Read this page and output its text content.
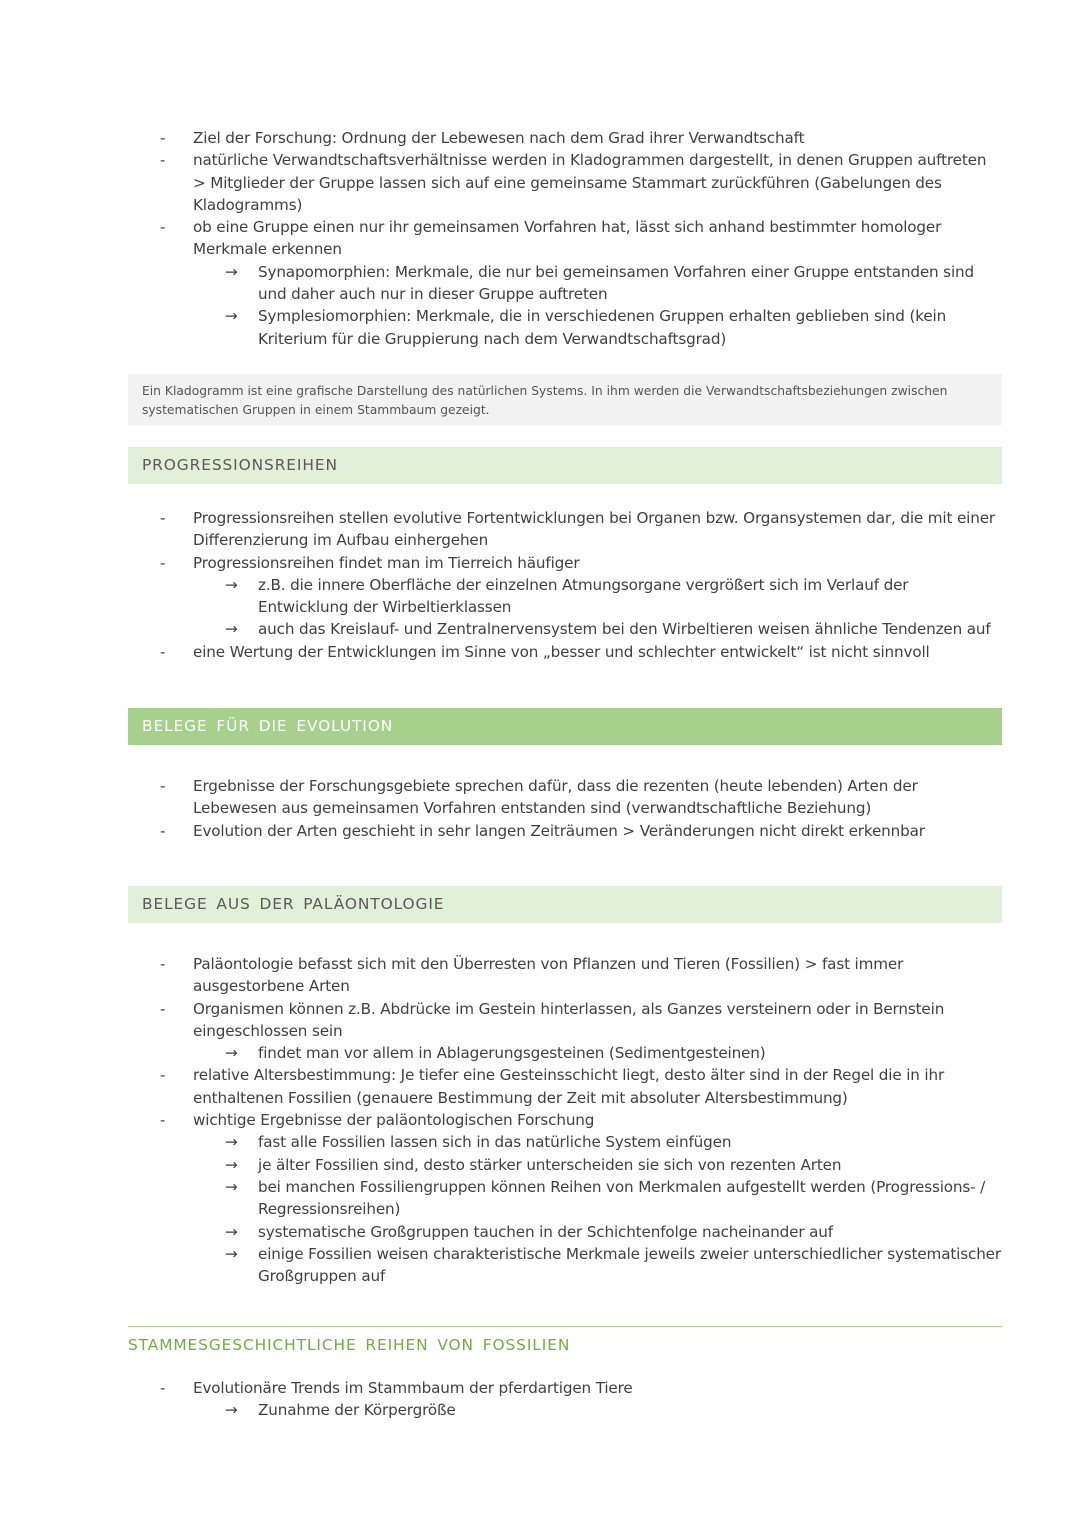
- Ziel der Forschung: Ordnung der Lebewesen nach dem Grad ihrer Verwandtschaft
- natürliche Verwandtschaftsverhältnisse werden in Kladogrammen dargestellt, in denen Gruppen auftreten > Mitglieder der Gruppe lassen sich auf eine gemeinsame Stammart zurückführen (Gabelungen des Kladogramms)
- ob eine Gruppe einen nur ihr gemeinsamen Vorfahren hat, lässt sich anhand bestimmter homologer Merkmale erkennen
→ Synapomorphien: Merkmale, die nur bei gemeinsamen Vorfahren einer Gruppe entstanden sind und daher auch nur in dieser Gruppe auftreten
→ Symplesiomorphien: Merkmale, die in verschiedenen Gruppen erhalten geblieben sind (kein Kriterium für die Gruppierung nach dem Verwandtschaftsgrad)
Ein Kladogramm ist eine grafische Darstellung des natürlichen Systems. In ihm werden die Verwandtschaftsbeziehungen zwischen systematischen Gruppen in einem Stammbaum gezeigt.
PROGRESSIONSREIHEN
- Progressionsreihen stellen evolutive Fortentwicklungen bei Organen bzw. Organsystemen dar, die mit einer Differenzierung im Aufbau einhergehen
- Progressionsreihen findet man im Tierreich häufiger
→ z.B. die innere Oberfläche der einzelnen Atmungsorgane vergrößert sich im Verlauf der Entwicklung der Wirbeltierklassen
→ auch das Kreislauf- und Zentralnervensystem bei den Wirbeltieren weisen ähnliche Tendenzen auf
- eine Wertung der Entwicklungen im Sinne von „besser und schlechter entwickelt“ ist nicht sinnvoll
BELEGE FÜR DIE EVOLUTION
- Ergebnisse der Forschungsgebiete sprechen dafür, dass die rezenten (heute lebenden) Arten der Lebewesen aus gemeinsamen Vorfahren entstanden sind (verwandtschaftliche Beziehung)
- Evolution der Arten geschieht in sehr langen Zeiträumen > Veränderungen nicht direkt erkennbar
BELEGE AUS DER PALÄONTOLOGIE
- Paläontologie befasst sich mit den Überresten von Pflanzen und Tieren (Fossilien) > fast immer ausgestorbene Arten
- Organismen können z.B. Abdrücke im Gestein hinterlassen, als Ganzes versteinern oder in Bernstein eingeschlossen sein
→ findet man vor allem in Ablagerungsgesteinen (Sedimentgesteinen)
- relative Altersbestimmung: Je tiefer eine Gesteinsschicht liegt, desto älter sind in der Regel die in ihr enthaltenen Fossilien (genauere Bestimmung der Zeit mit absoluter Altersbestimmung)
- wichtige Ergebnisse der paläontologischen Forschung
→ fast alle Fossilien lassen sich in das natürliche System einfügen
→ je älter Fossilien sind, desto stärker unterscheiden sie sich von rezenten Arten
→ bei manchen Fossiliengruppen können Reihen von Merkmalen aufgestellt werden (Progressions- / Regressionsreihen)
→ systematische Großgruppen tauchen in der Schichtenfolge nacheinander auf
→ einige Fossilien weisen charakteristische Merkmale jeweils zweier unterschiedlicher systematischer Großgruppen auf
STAMMESGESCHICHTLICHE REIHEN VON FOSSILIEN
- Evolutionäre Trends im Stammbaum der pferdartigen Tiere
→ Zunahme der Körpergröße
